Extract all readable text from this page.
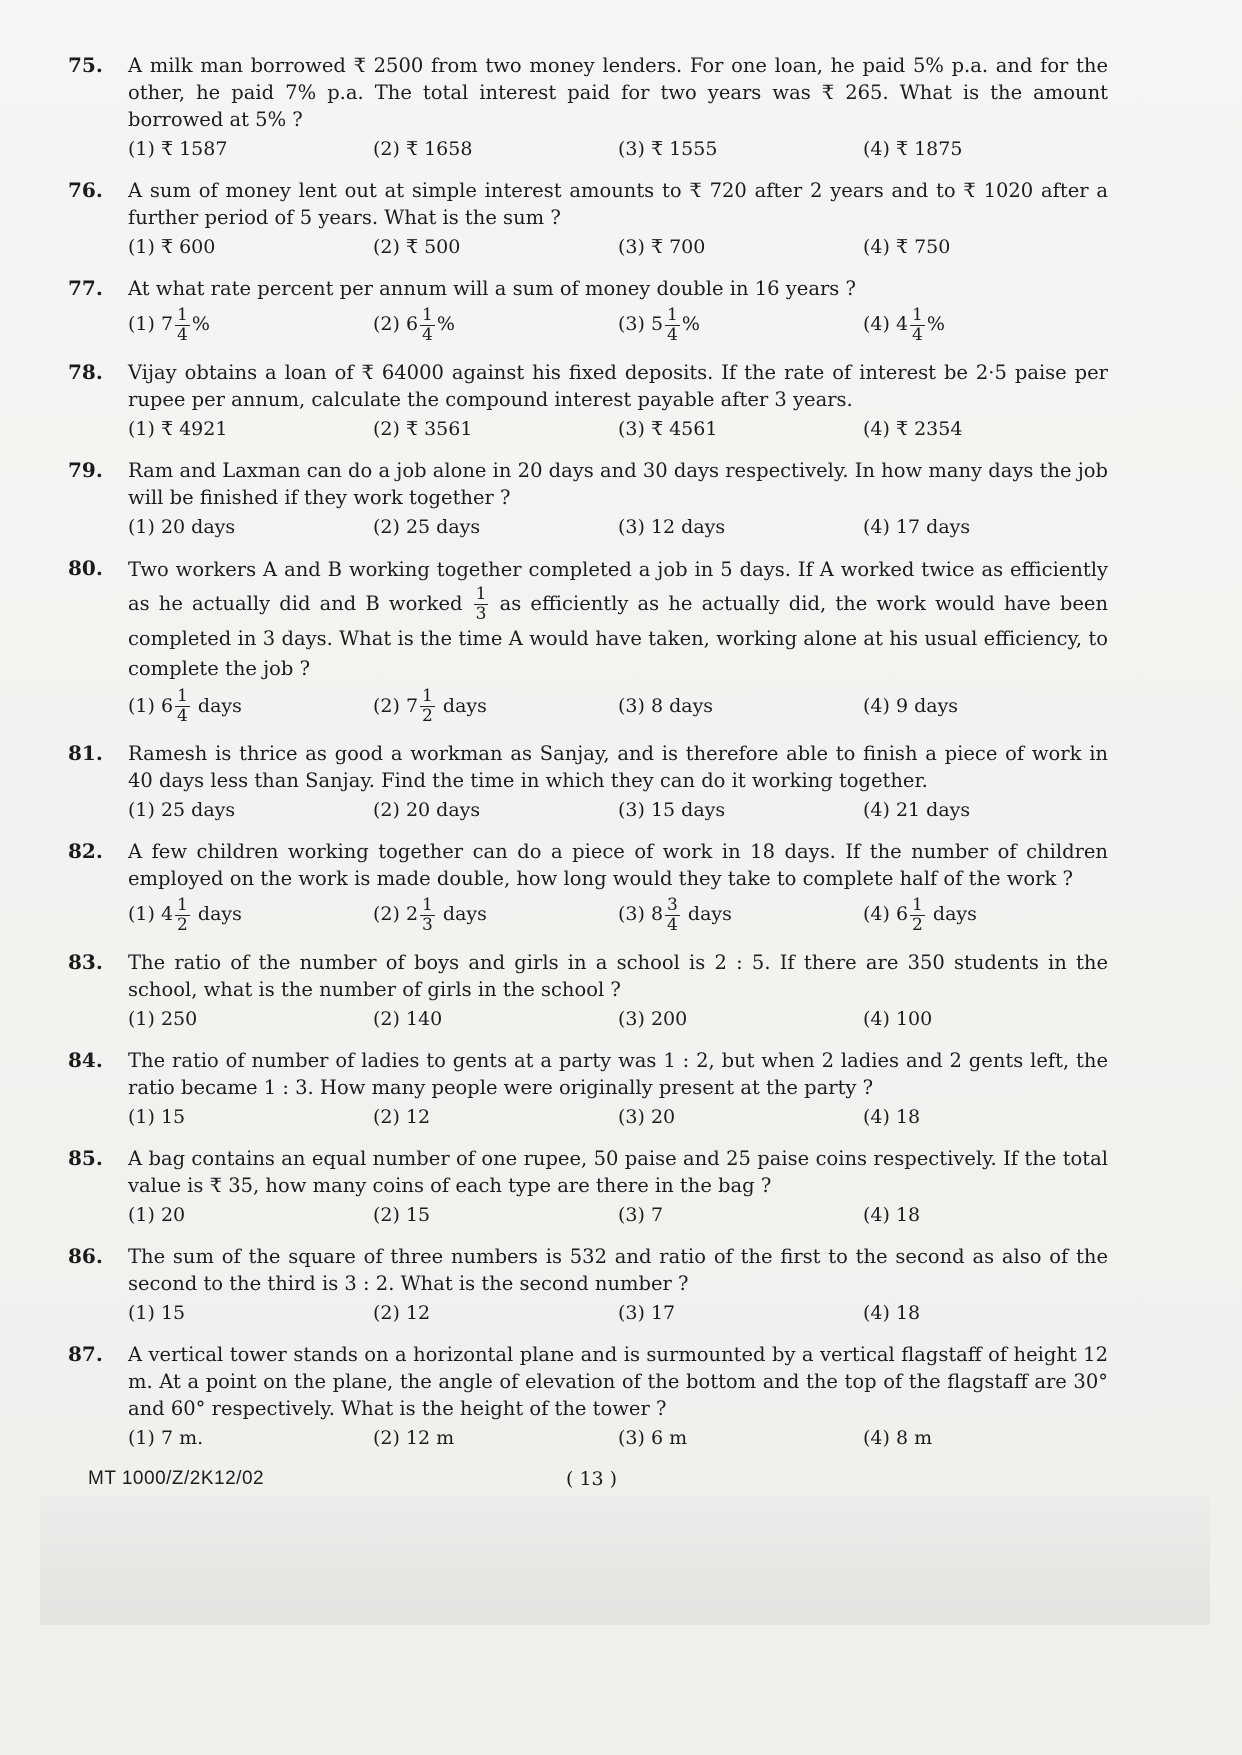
75.	A milk man borrowed ₹ 2500 from two money lenders. For one loan, he paid 5% p.a. and for the other, he paid 7% p.a. The total interest paid for two years was ₹ 265. What is the amount borrowed at 5% ?
(1) ₹ 1587	(2) ₹ 1658	(3) ₹ 1555	(4) ₹ 1875
76.	A sum of money lent out at simple interest amounts to ₹ 720 after 2 years and to ₹ 1020 after a further period of 5 years. What is the sum ?
(1) ₹ 600	(2) ₹ 500	(3) ₹ 700	(4) ₹ 750
77.	At what rate percent per annum will a sum of money double in 16 years ?
(1) $7 \frac{1}{4}$ %	(2) $6 \frac{1}{4}$ %	(3) $5 \frac{1}{4}$ %	(4) $4 \frac{1}{4}$ %
78.	Vijay obtains a loan of ₹ 64000 against his fixed deposits. If the rate of interest be 2·5 paise per rupee per annum, calculate the compound interest payable after 3 years.
(1) ₹ 4921	(2) ₹ 3561	(3) ₹ 4561	(4) ₹ 2354
79.	Ram and Laxman can do a job alone in 20 days and 30 days respectively. In how many days the job will be finished if they work together ?
(1) 20 days	(2) 25 days	(3) 12 days	(4) 17 days
80.	Two workers A and B working together completed a job in 5 days. If A worked twice as efficiently as he actually did and B worked $\frac{1}{3}$ as efficiently as he actually did, the work would have been completed in 3 days. What is the time A would have taken, working alone at his usual efficiency, to complete the job ?
(1) $6 \frac{1}{4}$ days	(2) $7 \frac{1}{2}$ days	(3) 8 days	(4) 9 days
81.	Ramesh is thrice as good a workman as Sanjay, and is therefore able to finish a piece of work in 40 days less than Sanjay. Find the time in which they can do it working together.
(1) 25 days	(2) 20 days	(3) 15 days	(4) 21 days
82.	A few children working together can do a piece of work in 18 days. If the number of children employed on the work is made double, how long would they take to complete half of the work ?
(1) $4 \frac{1}{2}$ days	(2) $2 \frac{1}{3}$ days	(3) $8 \frac{3}{4}$ days	(4) $6 \frac{1}{2}$ days
83.	The ratio of the number of boys and girls in a school is 2 : 5. If there are 350 students in the school, what is the number of girls in the school ?
(1) 250	(2) 140	(3) 200	(4) 100
84.	The ratio of number of ladies to gents at a party was 1 : 2, but when 2 ladies and 2 gents left, the ratio became 1 : 3. How many people were originally present at the party ?
(1) 15	(2) 12	(3) 20	(4) 18
85.	A bag contains an equal number of one rupee, 50 paise and 25 paise coins respectively. If the total value is ₹ 35, how many coins of each type are there in the bag ?
(1) 20	(2) 15	(3) 7	(4) 18
86.	The sum of the square of three numbers is 532 and ratio of the first to the second as also of the second to the third is 3 : 2. What is the second number ?
(1) 15	(2) 12	(3) 17	(4) 18
87.	A vertical tower stands on a horizontal plane and is surmounted by a vertical flagstaff of height 12 m. At a point on the plane, the angle of elevation of the bottom and the top of the flagstaff are 30° and 60° respectively. What is the height of the tower ?
(1) 7 m.	(2) 12 m	(3) 6 m	(4) 8 m
MT 1000/Z/2K12/02	( 13 )
